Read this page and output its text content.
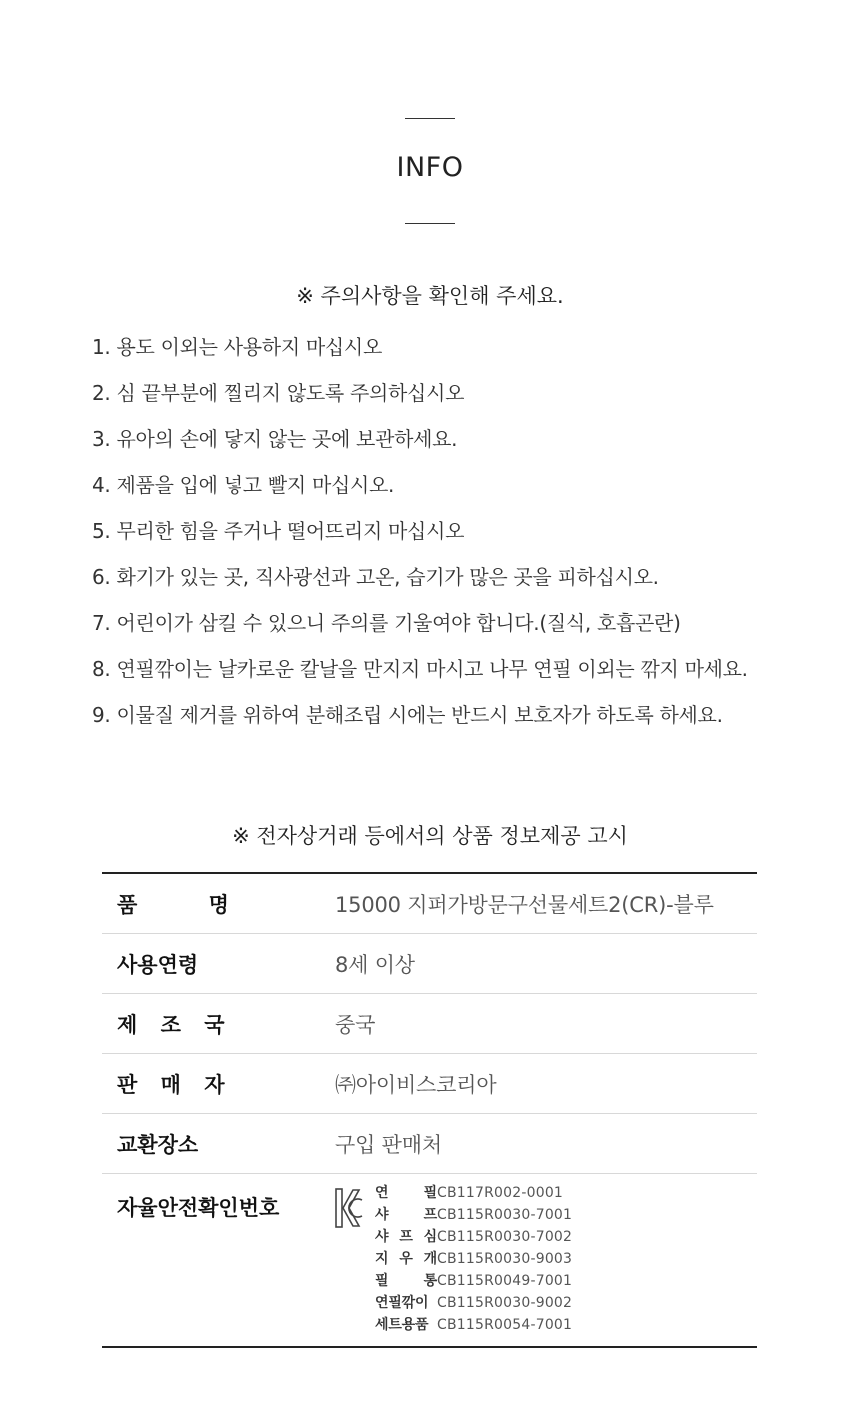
INFO
※ 주의사항을 확인해 주세요.
1. 용도 이외는 사용하지 마십시오
2. 심 끝부분에 찔리지 않도록 주의하십시오
3. 유아의 손에 닿지 않는 곳에 보관하세요.
4. 제품을 입에 넣고 빨지 마십시오.
5. 무리한 힘을 주거나 떨어뜨리지 마십시오
6. 화기가 있는 곳, 직사광선과 고온, 습기가 많은 곳을 피하십시오.
7. 어린이가 삼킬 수 있으니 주의를 기울여야 합니다.(질식, 호흡곤란)
8. 연필깎이는 날카로운 칼날을 만지지 마시고 나무 연필 이외는 깎지 마세요.
9. 이물질 제거를 위하여 분해조립 시에는 반드시 보호자가 하도록 하세요.
※ 전자상거래 등에서의 상품 정보제공 고시
품 명	15000 지퍼가방문구선물세트2(CR)-블루
사용연령	8세 이상
제 조 국	중국
판 매 자	㈜아이비스코리아
교환장소	구입 판매처
자율안전확인번호
연	필 CB117R002-0001
샤	프 CB115R0030-7001
샤 프 심 CB115R0030-7002
지 우 개 CB115R0030-9003
필	통 CB115R0049-7001
연필깎이 CB115R0030-9002
세트용품 CB115R0054-7001
